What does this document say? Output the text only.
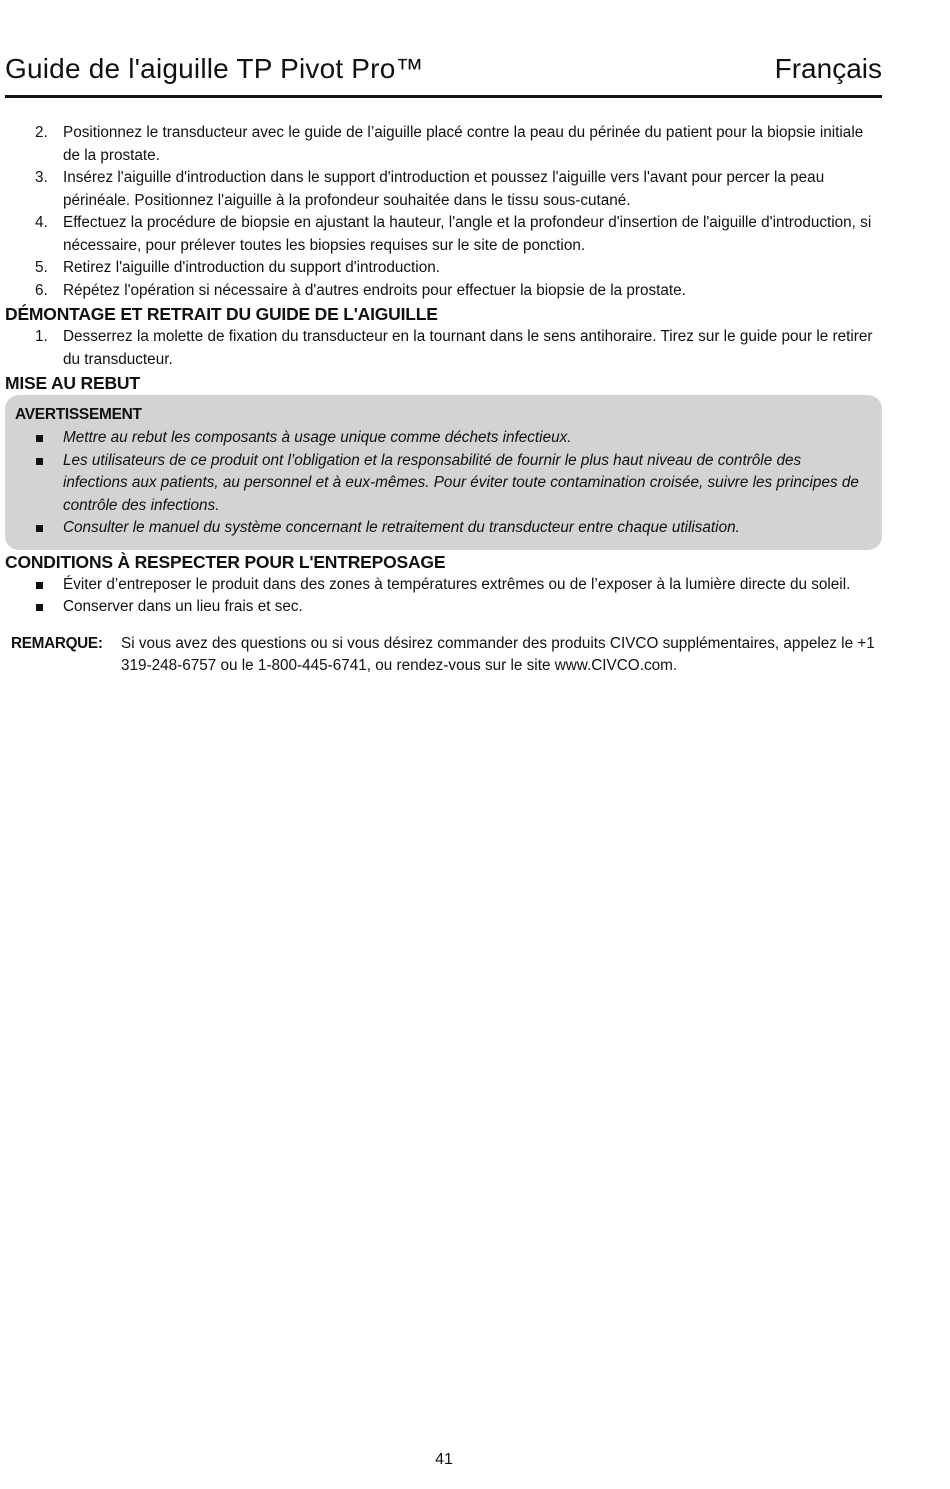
Guide de l'aiguille TP Pivot Pro™	Français
2. Positionnez le transducteur avec le guide de l’aiguille placé contre la peau du périnée du patient pour la biopsie initiale de la prostate.
3. Insérez l'aiguille d'introduction dans le support d'introduction et poussez l'aiguille vers l'avant pour percer la peau périnéale. Positionnez l'aiguille à la profondeur souhaitée dans le tissu sous-cutané.
4. Effectuez la procédure de biopsie en ajustant la hauteur, l'angle et la profondeur d'insertion de l'aiguille d'introduction, si nécessaire, pour prélever toutes les biopsies requises sur le site de ponction.
5. Retirez l'aiguille d'introduction du support d'introduction.
6. Répétez l'opération si nécessaire à d'autres endroits pour effectuer la biopsie de la prostate.
DÉMONTAGE ET RETRAIT DU GUIDE DE L'AIGUILLE
1. Desserrez la molette de fixation du transducteur en la tournant dans le sens antihoraire. Tirez sur le guide pour le retirer du transducteur.
MISE AU REBUT
AVERTISSEMENT
Mettre au rebut les composants à usage unique comme déchets infectieux.
Les utilisateurs de ce produit ont l’obligation et la responsabilité de fournir le plus haut niveau de contrôle des infections aux patients, au personnel et à eux-mêmes. Pour éviter toute contamination croisée, suivre les principes de contrôle des infections.
Consulter le manuel du système concernant le retraitement du transducteur entre chaque utilisation.
CONDITIONS À RESPECTER POUR L'ENTREPOSAGE
Éviter d’entreposer le produit dans des zones à températures extrêmes ou de l’exposer à la lumière directe du soleil.
Conserver dans un lieu frais et sec.
REMARQUE: Si vous avez des questions ou si vous désirez commander des produits CIVCO supplémentaires, appelez le +1 319-248-6757 ou le 1-800-445-6741, ou rendez-vous sur le site www.CIVCO.com.
41
